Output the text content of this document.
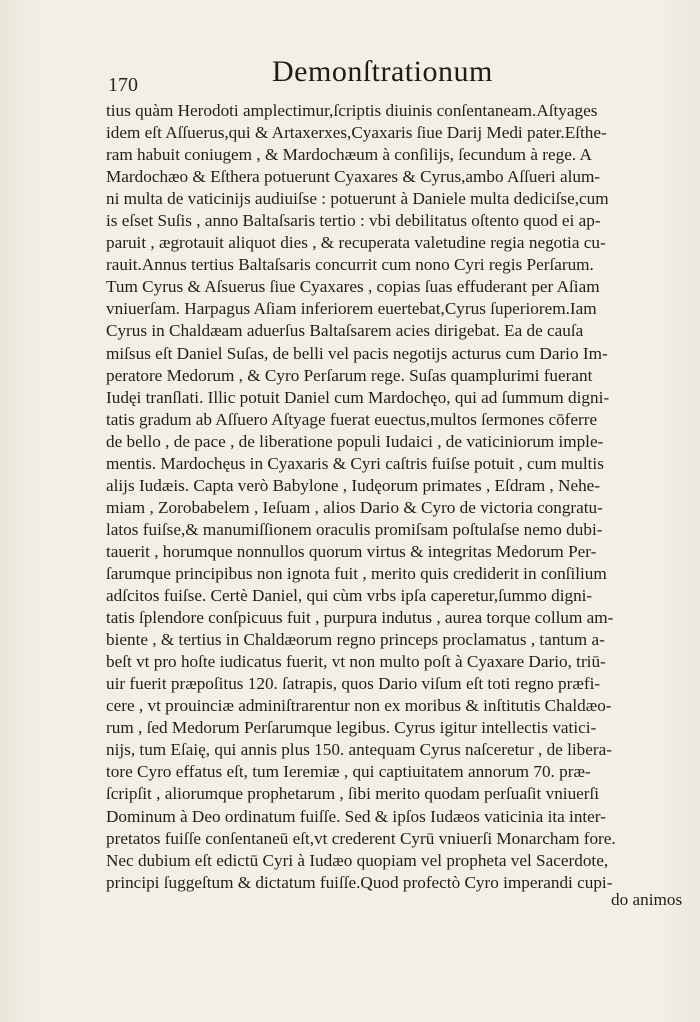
170	Demonſtrationum
tius quàm Herodoti amplectimur,ſcriptis diuinis conſentaneam.Aſtyages
idem eſt Aſſuerus,qui & Artaxerxes,Cyaxaris ſiue Darij Medi pater.Eſthe-
ram habuit coniugem , & Mardochæum à conſilijs, ſecundum à rege. A
Mardochæo & Eſthera potuerunt Cyaxares & Cyrus,ambo Aſſueri alum-
ni multa de vaticinijs audiuiſse : potuerunt à Daniele multa dediciſse,cum
is eſset Suſis , anno Baltaſsaris tertio : vbi debilitatus oſtento quod ei ap-
paruit , ægrotauit aliquot dies , & recuperata valetudine regia negotia cu-
rauit.Annus tertius Baltaſsaris concurrit cum nono Cyri regis Perſarum.
Tum Cyrus & Aſsuerus ſiue Cyaxares , copias ſuas effuderant per Aſiam
vniuerſam. Harpagus Aſiam inferiorem euertebat,Cyrus ſuperiorem.Iam
Cyrus in Chaldæam aduerſus Baltaſsarem acies dirigebat. Ea de cauſa
miſsus eſt Daniel Suſas, de belli vel pacis negotijs acturus cum Dario Im-
peratore Medorum , & Cyro Perſarum rege. Suſas quamplurimi fuerant
Iudęi tranſlati. Illic potuit Daniel cum Mardochęo, qui ad ſummum digni-
tatis gradum ab Aſſuero Aſtyage fuerat euectus,multos ſermones cōferre
de bello , de pace , de liberatione populi Iudaici , de vaticiniorum imple-
mentis. Mardochęus in Cyaxaris & Cyri caſtris fuiſse potuit , cum multis
alijs Iudæis. Capta verò Babylone , Iudęorum primates , Eſdram , Nehe-
miam , Zorobabelem , Ieſuam , alios Dario & Cyro de victoria congratu-
latos fuiſse,& manumiſſionem oraculis promiſsam poſtulaſse nemo dubi-
tauerit , horumque nonnullos quorum virtus & integritas Medorum Per-
ſarumque principibus non ignota fuit , merito quis crediderit in conſilium
adſcitos fuiſse. Certè Daniel, qui cùm vrbs ipſa caperetur,ſummo digni-
tatis ſplendore conſpicuus fuit , purpura indutus , aurea torque collum am-
biente , & tertius in Chaldæorum regno princeps proclamatus , tantum a-
beſt vt pro hoſte iudicatus fuerit, vt non multo poſt à Cyaxare Dario, triū-
uir fuerit præpoſitus 120. ſatrapis, quos Dario viſum eſt toti regno præfi-
cere , vt prouinciæ adminiſtrarentur non ex moribus & inſtitutis Chaldæo-
rum , ſed Medorum Perſarumque legibus. Cyrus igitur intellectis vatici-
nijs, tum Eſaię, qui annis plus 150. antequam Cyrus naſceretur , de libera-
tore Cyro effatus eſt, tum Ieremiæ , qui captiuitatem annorum 70. præ-
ſcripſit , aliorumque prophetarum , ſibi merito quodam perſuaſit vniuerſi
Dominum à Deo ordinatum fuiſſe. Sed & ipſos Iudæos vaticinia ita inter-
pretatos fuiſſe conſentaneū eſt,vt crederent Cyrū vniuerſi Monarcham fore.
Nec dubium eſt edictū Cyri à Iudæo quopiam vel propheta vel Sacerdote,
principi ſuggeſtum & dictatum fuiſſe.Quod profectò Cyro imperandi cupi-
do animos
